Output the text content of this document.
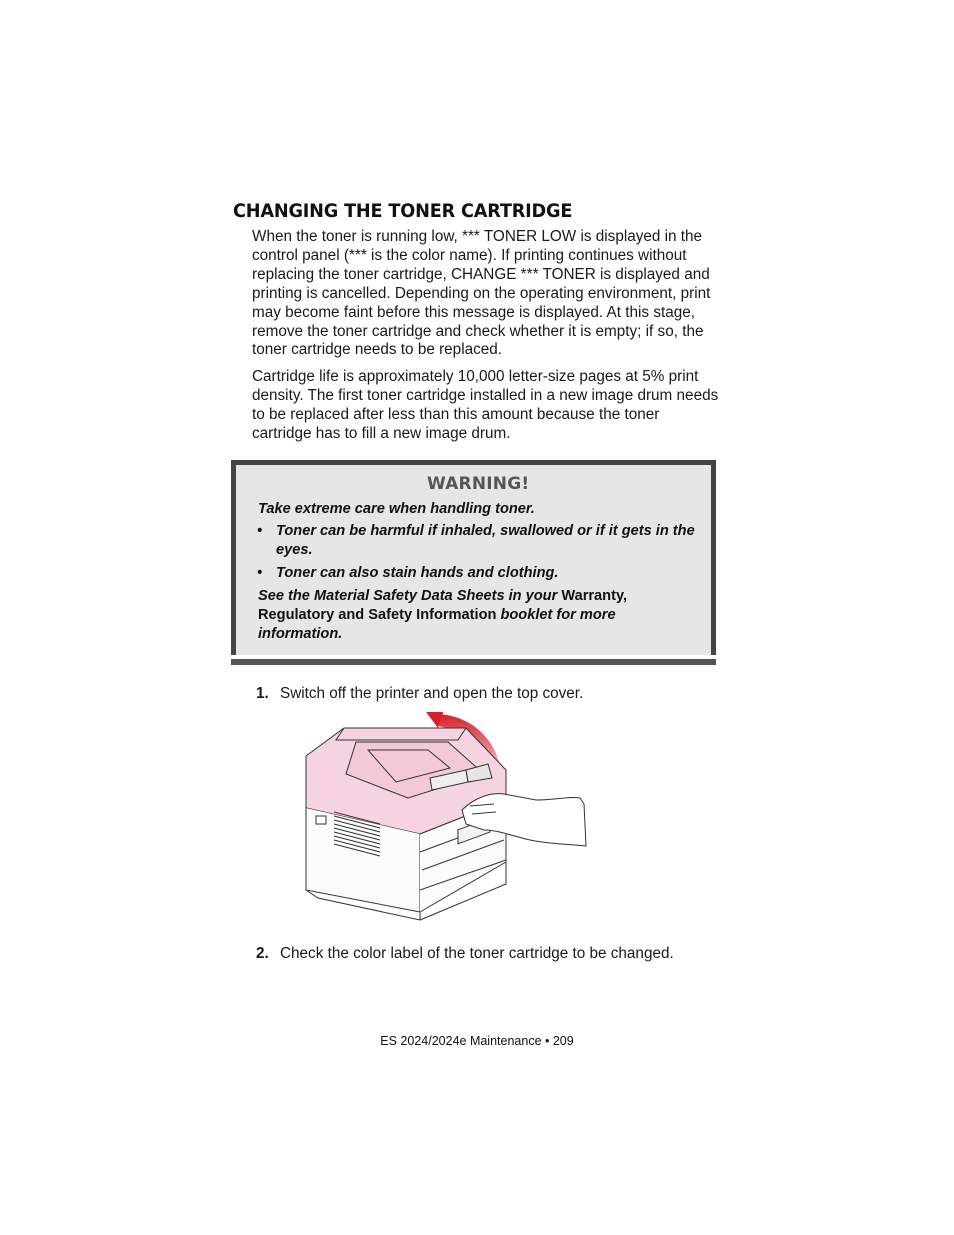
CHANGING THE TONER CARTRIDGE
When the toner is running low, *** TONER LOW is displayed in the control panel (*** is the color name). If printing continues without replacing the toner cartridge, CHANGE *** TONER is displayed and printing is cancelled. Depending on the operating environment, print may become faint before this message is displayed. At this stage, remove the toner cartridge and check whether it is empty; if so, the toner cartridge needs to be replaced.
Cartridge life is approximately 10,000 letter-size pages at 5% print density. The first toner cartridge installed in a new image drum needs to be replaced after less than this amount because the toner cartridge has to fill a new image drum.
WARNING!
Take extreme care when handling toner.
• Toner can be harmful if inhaled, swallowed or if it gets in the eyes.
• Toner can also stain hands and clothing.
See the Material Safety Data Sheets in your Warranty, Regulatory and Safety Information booklet for more information.
1. Switch off the printer and open the top cover.
2. Check the color label of the toner cartridge to be changed.
ES 2024/2024e Maintenance • 209
